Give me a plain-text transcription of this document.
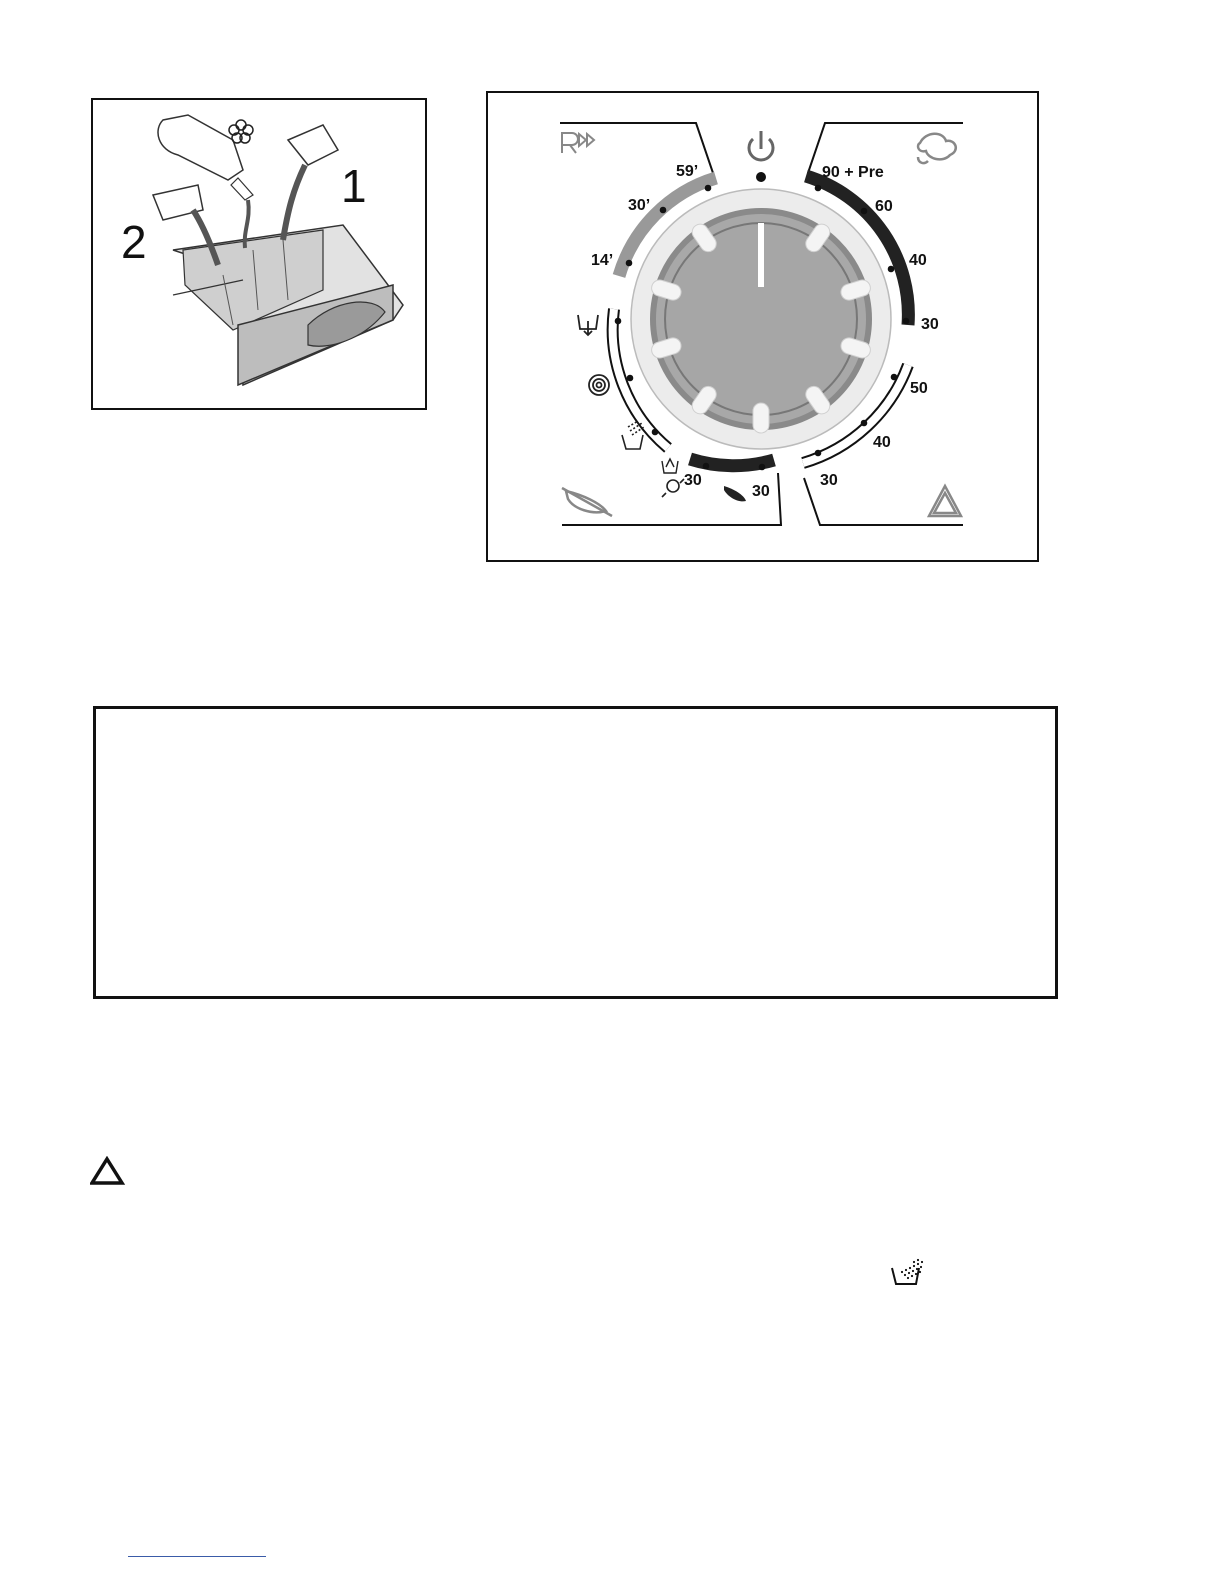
1
2
59’
30’
14’
90 + Pre
60
40
30
50
40
30
30
30
